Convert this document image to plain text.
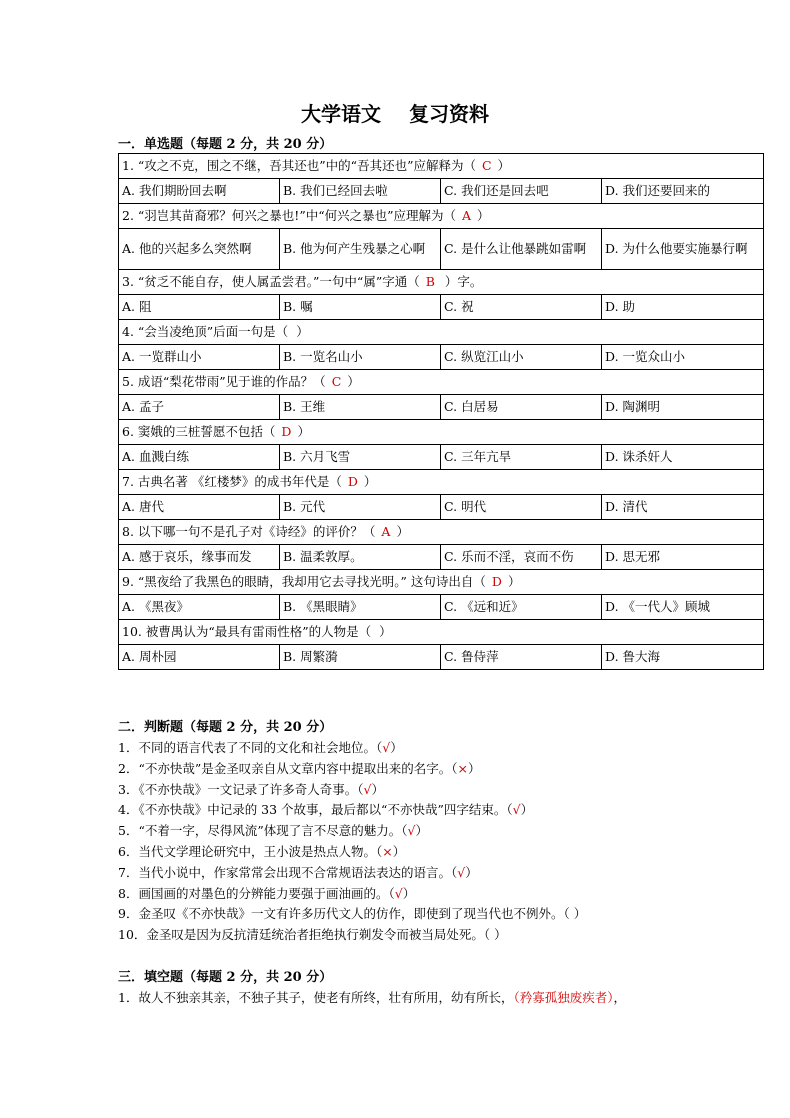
大学语文 复习资料
一．单选题（每题 2 分，共 20 分）
1. “攻之不克，围之不继，吾其还也”中的“吾其还也”应解释为（ C ）			
A. 我们期盼回去啊	B. 我们已经回去啦	C. 我们还是回去吧	D. 我们还要回来的
2. “羽岂其苗裔邪？何兴之暴也!”中“何兴之暴也”应理解为（ A ）			
A. 他的兴起多么突然啊	B. 他为何产生残暴之心啊	C. 是什么让他暴跳如雷啊	D. 为什么他要实施暴行啊
3. “贫乏不能自存，使人属孟尝君。”一句中“属”字通（ B ）字。			
A. 阻	B. 嘱	C. 祝	D. 助
4. “会当凌绝顶”后面一句是（ ）			
A. 一览群山小	B. 一览名山小	C. 纵览江山小	D. 一览众山小
5. 成语“梨花带雨”见于谁的作品？（ C ）			
A. 孟子	B. 王维	C. 白居易	D. 陶渊明
6. 窦娥的三桩誓愿不包括（ D ）			
A. 血溅白练	B. 六月飞雪	C. 三年亢旱	D. 诛杀奸人
7. 古典名著 《红楼梦》的成书年代是（ D ）			
A. 唐代	B. 元代	C. 明代	D. 清代
8. 以下哪一句不是孔子对《诗经》的评价？（ A ）			
A. 感于哀乐，缘事而发	B. 温柔敦厚。	C. 乐而不淫，哀而不伤	D. 思无邪
9. “黑夜给了我黑色的眼睛，我却用它去寻找光明。” 这句诗出自（ D ）			
A. 《黑夜》	B. 《黑眼睛》	C. 《远和近》	D. 《一代人》顾城
10. 被曹禺认为“最具有雷雨性格”的人物是（ ）			
A. 周朴园	B. 周繁漪	C. 鲁侍萍	D. 鲁大海
二．判断题（每题 2 分，共 20 分）
1．不同的语言代表了不同的文化和社会地位。（√）
2．“不亦快哉”是金圣叹亲自从文章内容中提取出来的名字。（×）
3．《不亦快哉》一文记录了许多奇人奇事。（√）
4．《不亦快哉》中记录的 33 个故事，最后都以“不亦快哉”四字结束。（√）
5．“不着一字，尽得风流”体现了言不尽意的魅力。（√）
6．当代文学理论研究中，王小波是热点人物。（×）
7．当代小说中，作家常常会出现不合常规语法表达的语言。（√）
8．画国画的对墨色的分辨能力要强于画油画的。（√）
9．金圣叹《不亦快哉》一文有许多历代文人的仿作，即使到了现当代也不例外。（ ）
10．金圣叹是因为反抗清廷统治者拒绝执行剃发令而被当局处死。（ ）
三．填空题（每题 2 分，共 20 分）
1．故人不独亲其亲，不独子其子，使老有所终，壮有所用，幼有所长，（矜寡孤独废疾者），
